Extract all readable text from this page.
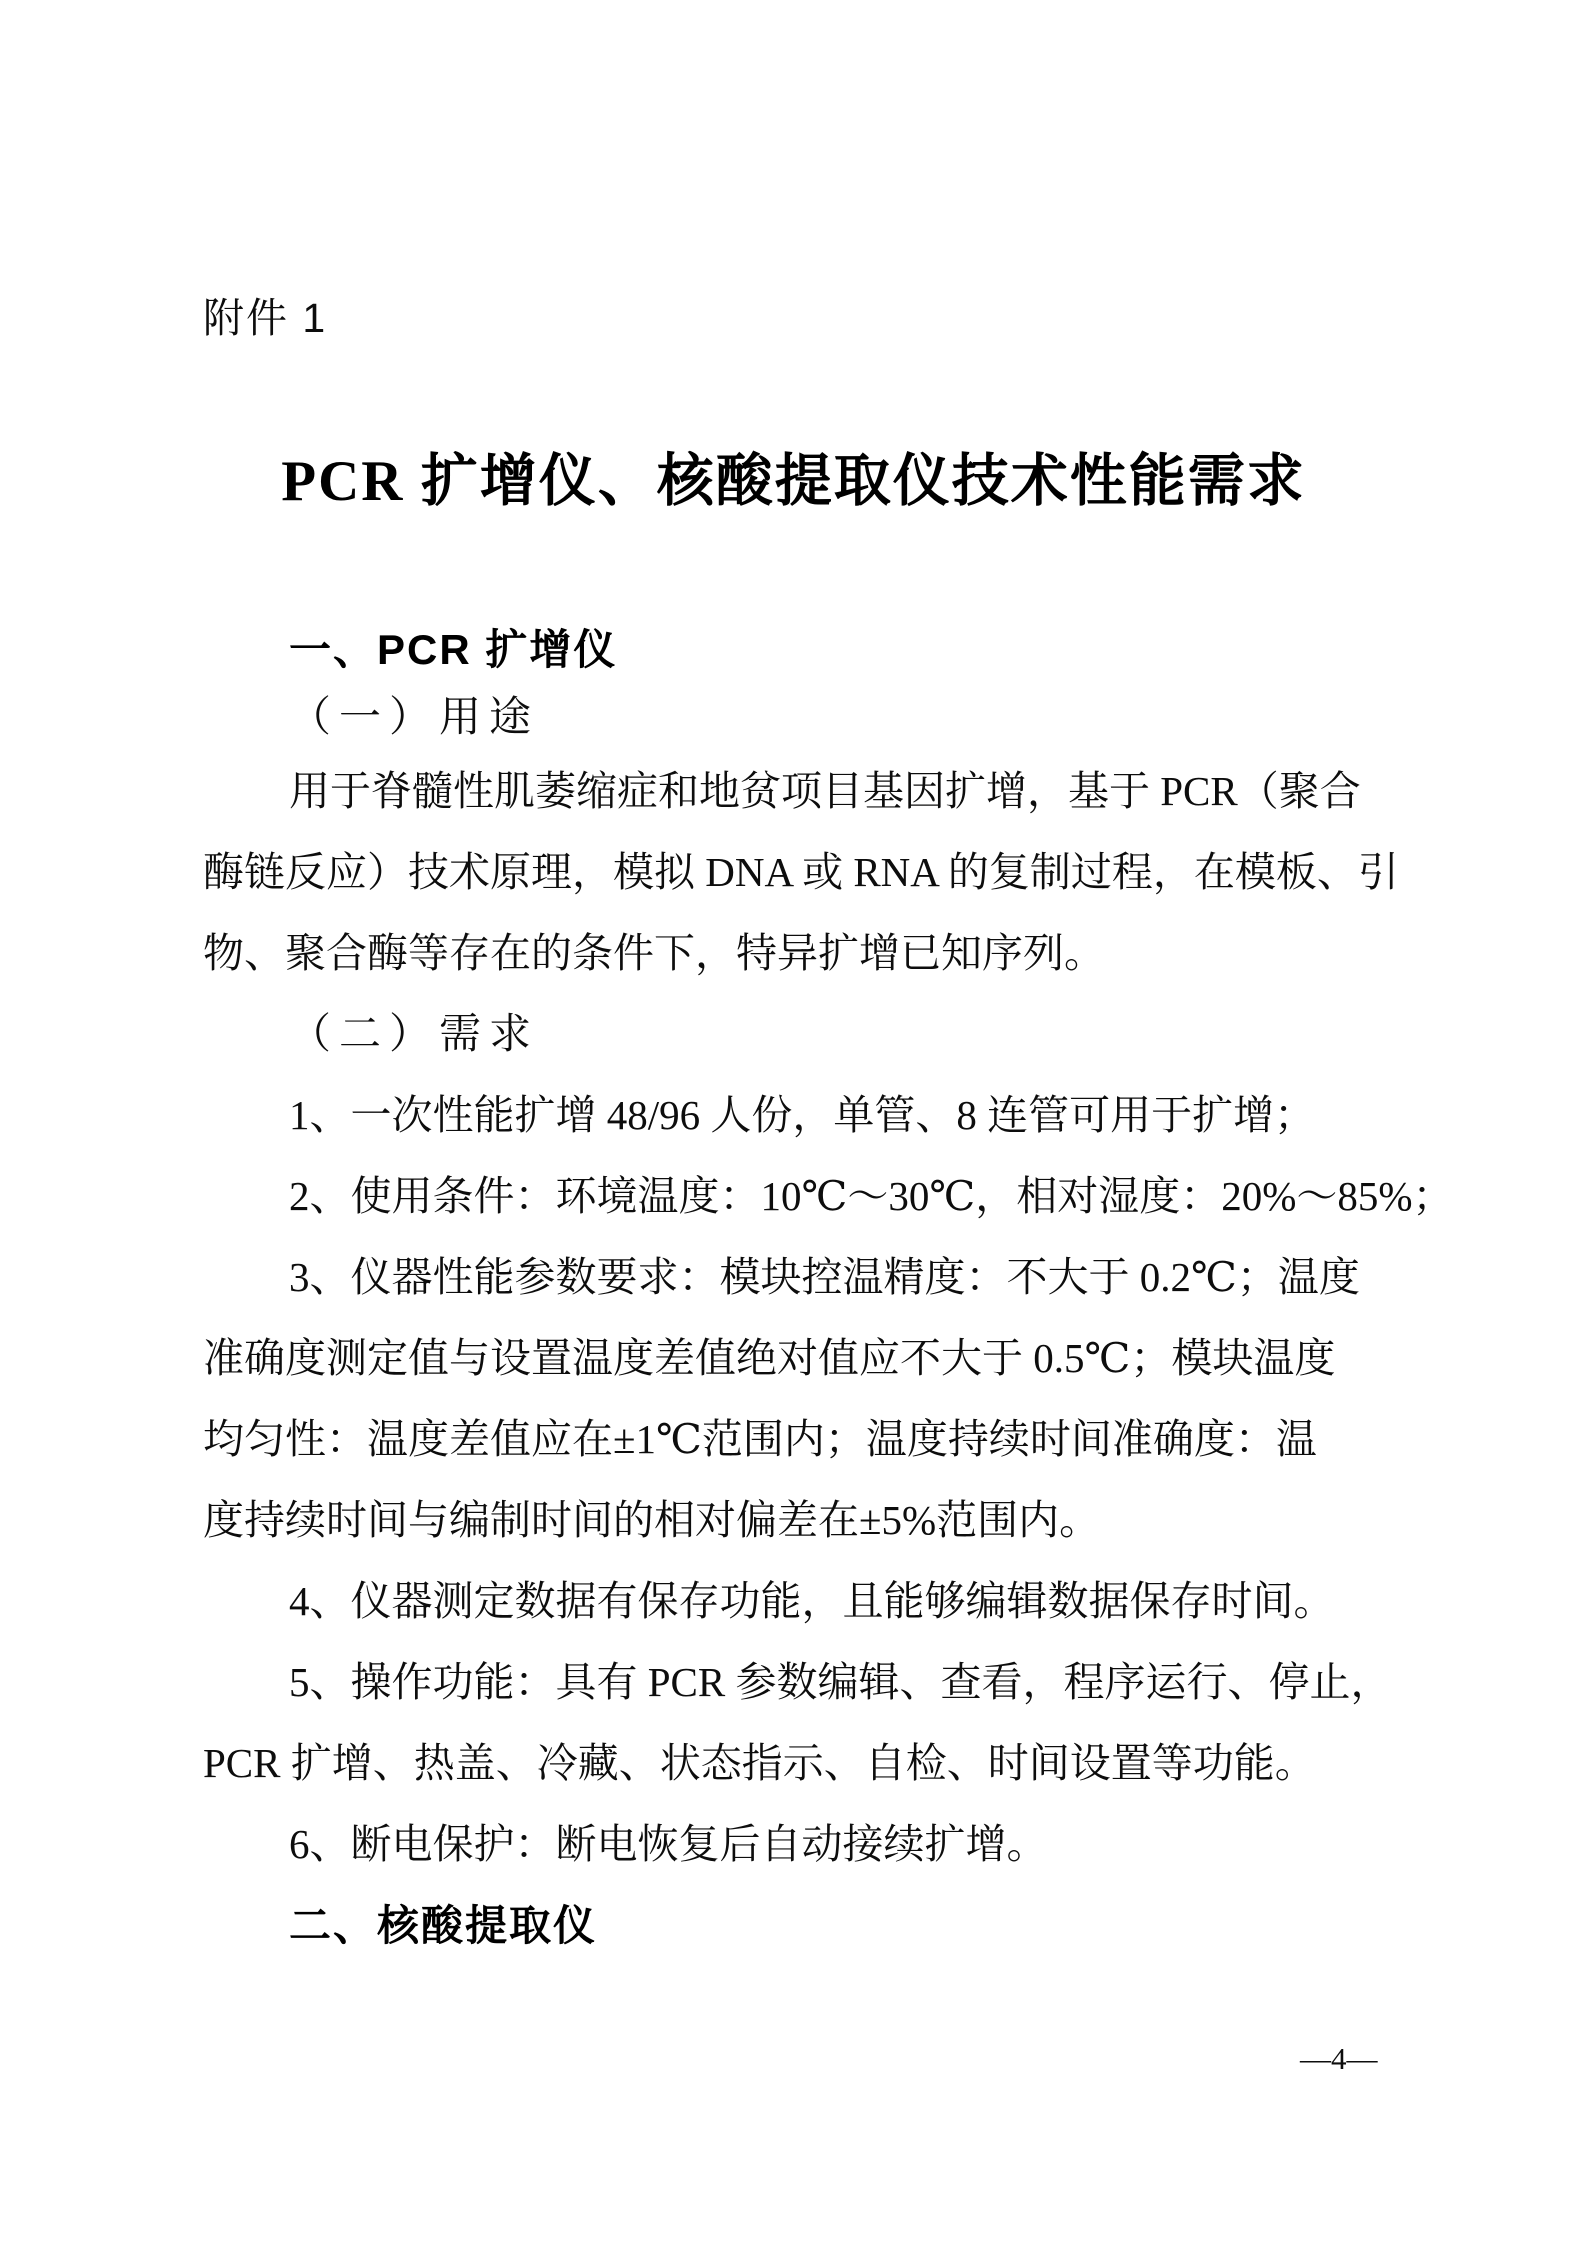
附件 1
PCR 扩增仪、核酸提取仪技术性能需求
一、PCR 扩增仪
（一）用途
用于脊髓性肌萎缩症和地贫项目基因扩增，基于 PCR（聚合
酶链反应）技术原理，模拟 DNA 或 RNA 的复制过程，在模板、引
物、聚合酶等存在的条件下，特异扩增已知序列。
（二）需求
1、一次性能扩增 48/96 人份，单管、8 连管可用于扩增；
2、使用条件：环境温度：10℃～30℃，相对湿度：20%～85%；
3、仪器性能参数要求：模块控温精度：不大于 0.2℃；温度
准确度测定值与设置温度差值绝对值应不大于 0.5℃；模块温度
均匀性：温度差值应在±1℃范围内；温度持续时间准确度：温
度持续时间与编制时间的相对偏差在±5%范围内。
4、仪器测定数据有保存功能，且能够编辑数据保存时间。
5、操作功能：具有 PCR 参数编辑、查看，程序运行、停止，
PCR 扩增、热盖、冷藏、状态指示、自检、时间设置等功能。
6、断电保护：断电恢复后自动接续扩增。
二、核酸提取仪
—4—
